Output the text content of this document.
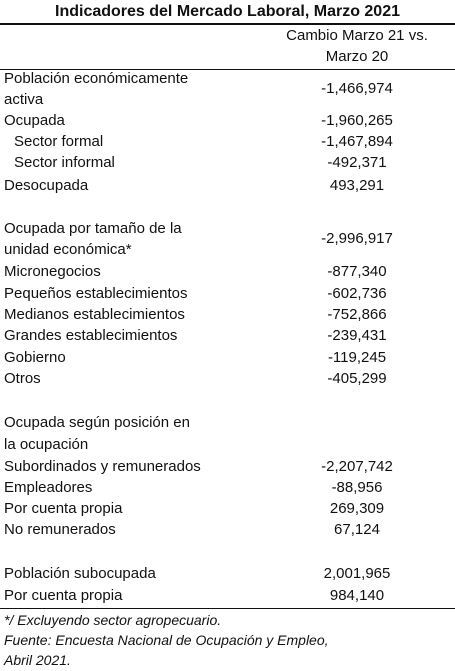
Indicadores del Mercado Laboral, Marzo 2021
Cambio Marzo 21 vs.
Marzo 20
Población económicamente
activa
-1,466,974
Ocupada	-1,960,265
Sector formal	-1,467,894
Sector informal	-492,371
Desocupada	493,291
Ocupada por tamaño de la
unidad económica*
-2,996,917
Micronegocios	-877,340
Pequeños establecimientos	-602,736
Medianos establecimientos	-752,866
Grandes establecimientos	-239,431
Gobierno	-119,245
Otros	-405,299
Ocupada según posición en
la ocupación
Subordinados y remunerados	-2,207,742
Empleadores	-88,956
Por cuenta propia	269,309
No remunerados	67,124
Población subocupada	2,001,965
Por cuenta propia	984,140
*/ Excluyendo sector agropecuario.
Fuente: Encuesta Nacional de Ocupación y Empleo,
Abril 2021.
